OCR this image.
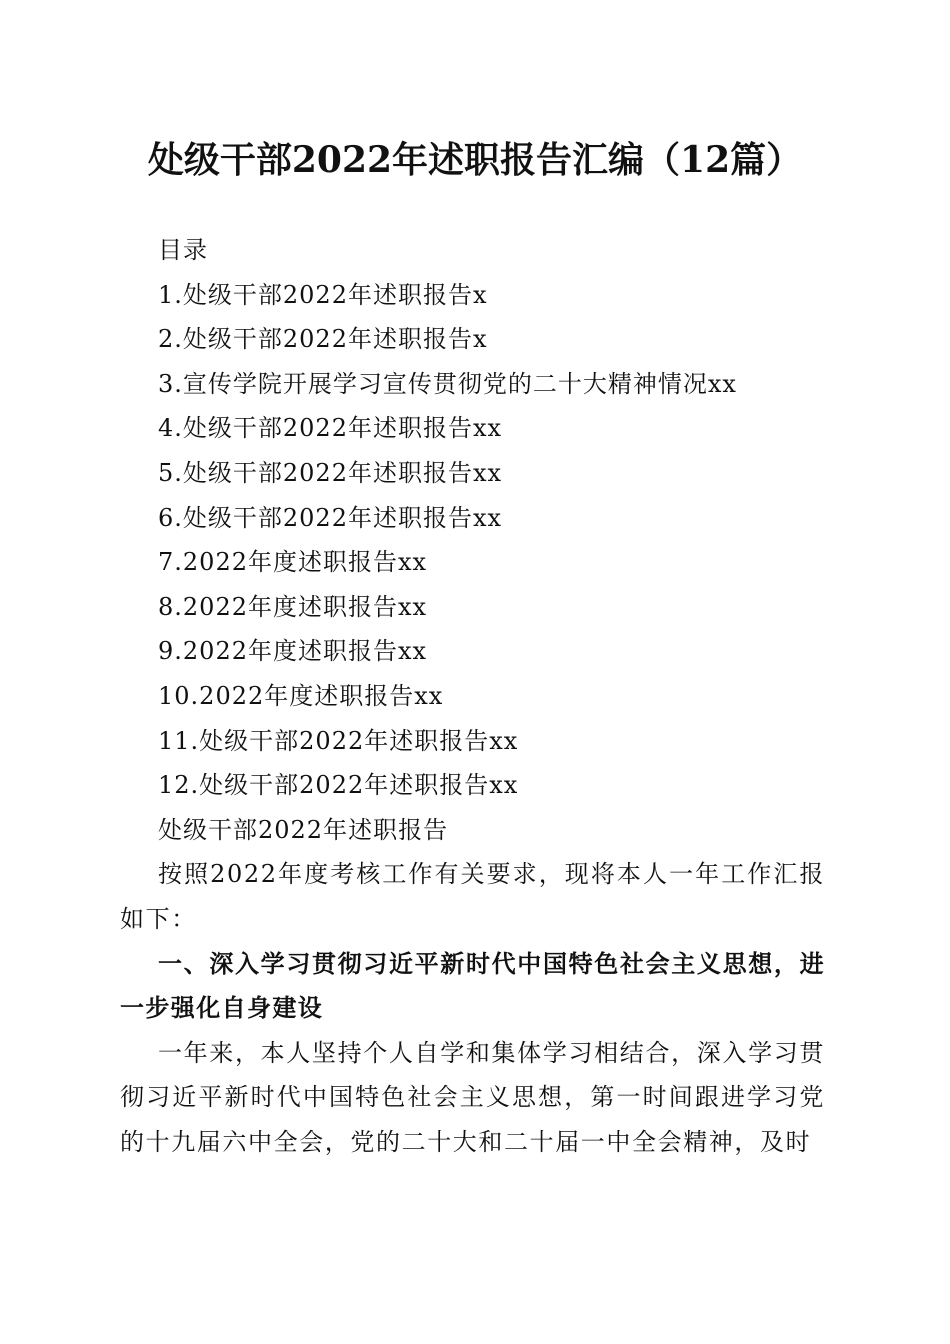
处级干部2022年述职报告汇编（12篇）
目录
1.处级干部2022年述职报告x
2.处级干部2022年述职报告x
3.宣传学院开展学习宣传贯彻党的二十大精神情况xx
4.处级干部2022年述职报告xx
5.处级干部2022年述职报告xx
6.处级干部2022年述职报告xx
7.2022年度述职报告xx
8.2022年度述职报告xx
9.2022年度述职报告xx
10.2022年度述职报告xx
11.处级干部2022年述职报告xx
12.处级干部2022年述职报告xx
处级干部2022年述职报告
按照2022年度考核工作有关要求，现将本人一年工作汇报如下：
一、深入学习贯彻习近平新时代中国特色社会主义思想，进一步强化自身建设
一年来，本人坚持个人自学和集体学习相结合，深入学习贯彻习近平新时代中国特色社会主义思想，第一时间跟进学习党的十九届六中全会，党的二十大和二十届一中全会精神，及时
